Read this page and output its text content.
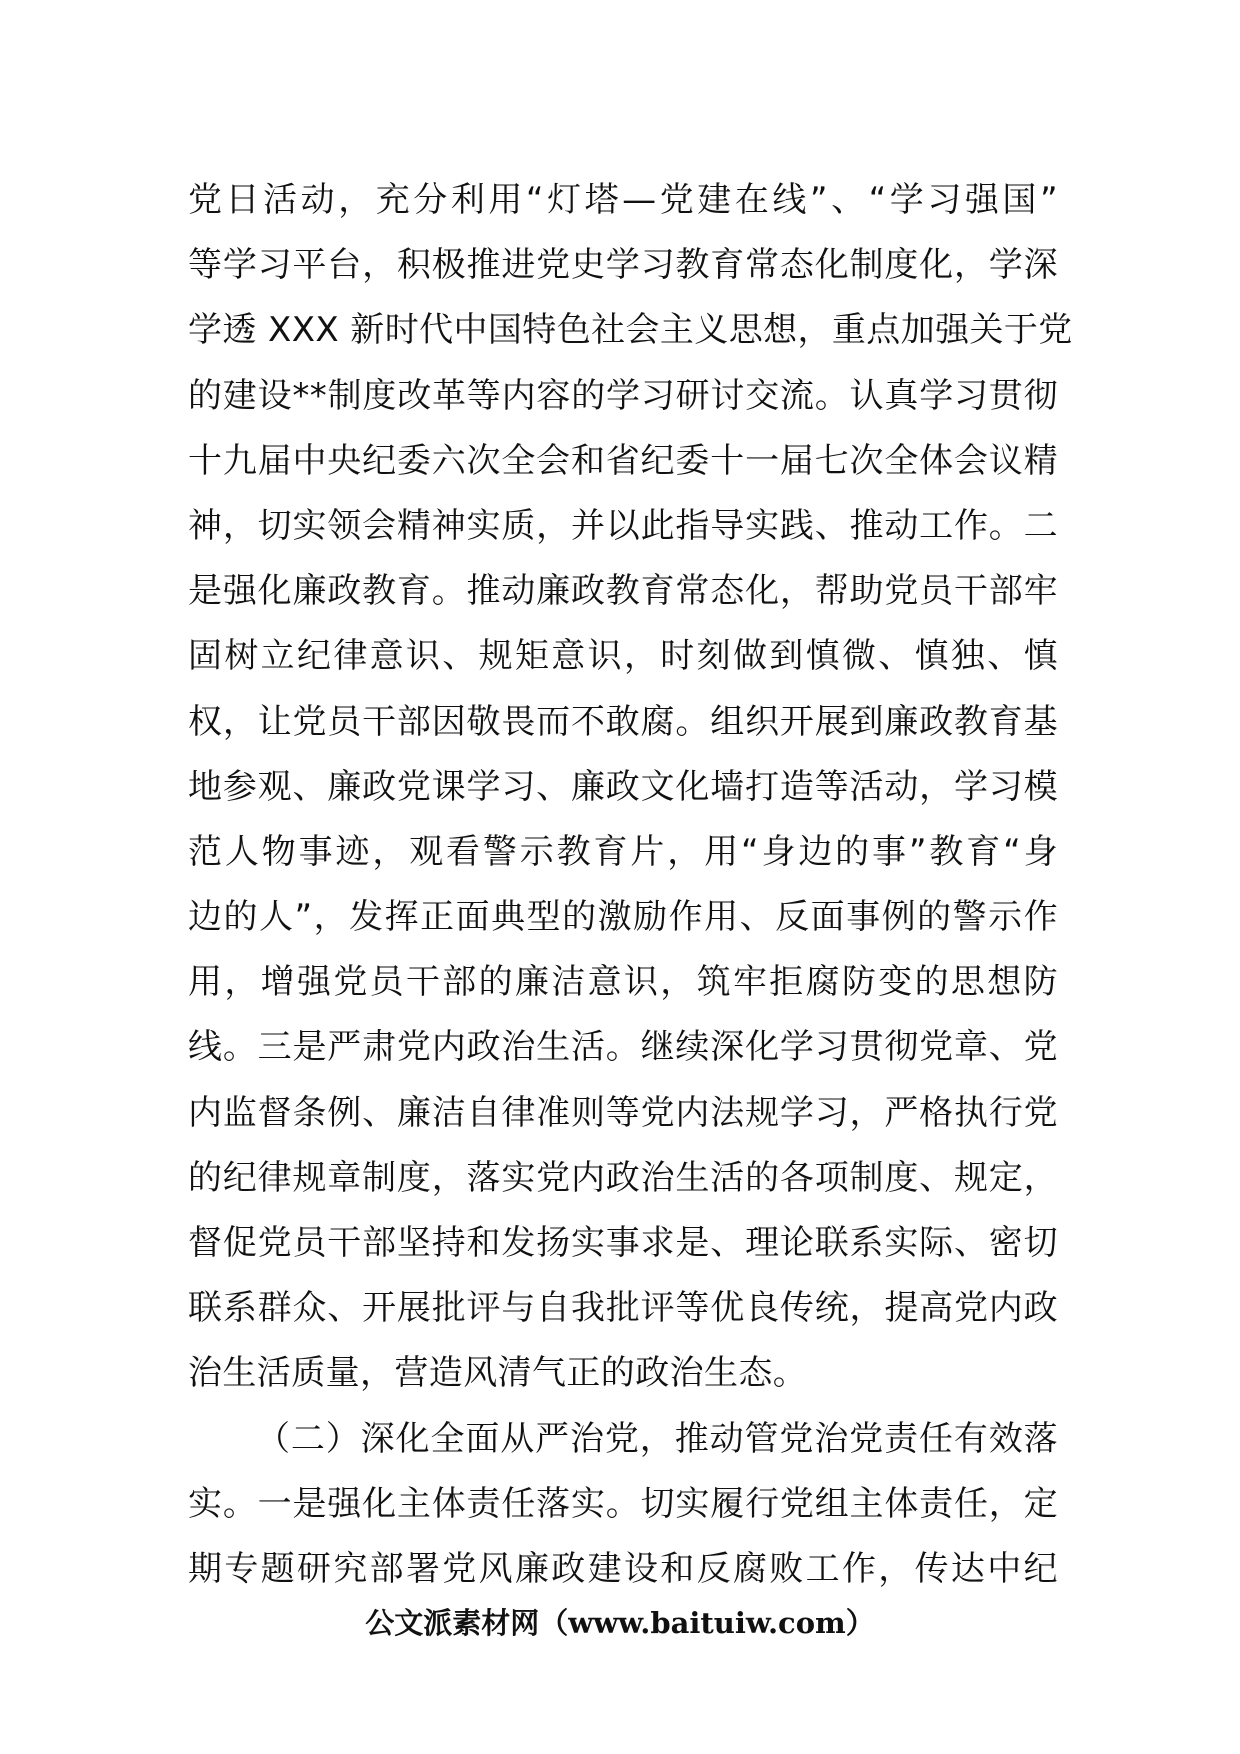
党日活动，充分利用“灯塔—党建在线”、“学习强国”
等学习平台，积极推进党史学习教育常态化制度化，学深
学透 XXX 新时代中国特色社会主义思想，重点加强关于党
的建设**制度改革等内容的学习研讨交流。认真学习贯彻
十九届中央纪委六次全会和省纪委十一届七次全体会议精
神，切实领会精神实质，并以此指导实践、推动工作。二
是强化廉政教育。推动廉政教育常态化，帮助党员干部牢
固树立纪律意识、规矩意识，时刻做到慎微、慎独、慎
权，让党员干部因敬畏而不敢腐。组织开展到廉政教育基
地参观、廉政党课学习、廉政文化墙打造等活动，学习模
范人物事迹，观看警示教育片，用“身边的事”教育“身
边的人”，发挥正面典型的激励作用、反面事例的警示作
用，增强党员干部的廉洁意识，筑牢拒腐防变的思想防
线。三是严肃党内政治生活。继续深化学习贯彻党章、党
内监督条例、廉洁自律准则等党内法规学习，严格执行党
的纪律规章制度，落实党内政治生活的各项制度、规定，
督促党员干部坚持和发扬实事求是、理论联系实际、密切
联系群众、开展批评与自我批评等优良传统，提高党内政
治生活质量，营造风清气正的政治生态。
（二）深化全面从严治党，推动管党治党责任有效落
实。一是强化主体责任落实。切实履行党组主体责任，定
期专题研究部署党风廉政建设和反腐败工作，传达中纪
公文派素材网（www.baituiw.com）
